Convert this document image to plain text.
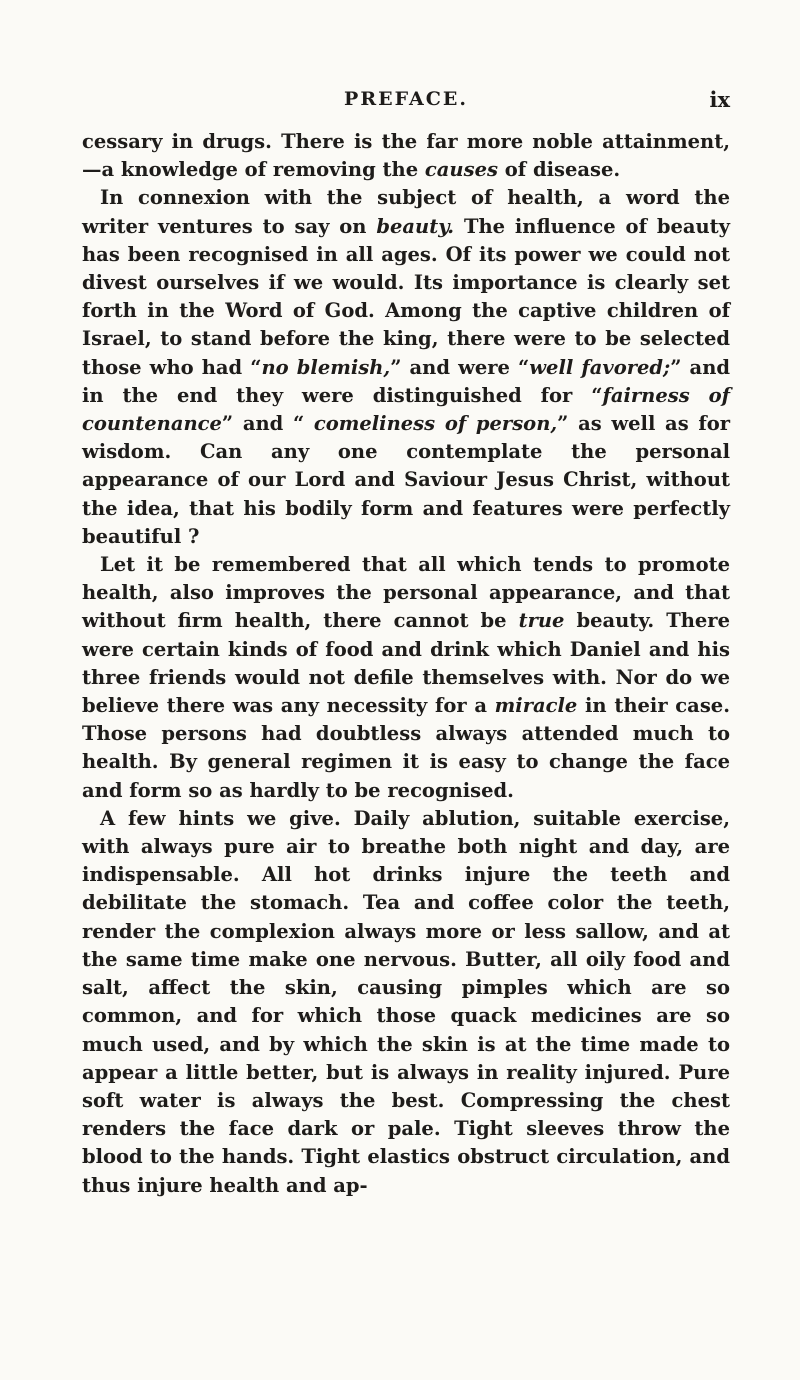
PREFACE.	ix

cessary in drugs. There is the far more noble attainment, —a knowledge of removing the causes of disease.

In connexion with the subject of health, a word the writer ventures to say on beauty. The influence of beauty has been recognised in all ages. Of its power we could not divest ourselves if we would. Its importance is clearly set forth in the Word of God. Among the captive children of Israel, to stand before the king, there were to be selected those who had “no blemish,” and were “well favored;” and in the end they were distinguished for “fairness of countenance” and “ comeliness of person,” as well as for wisdom. Can any one contemplate the personal appearance of our Lord and Saviour Jesus Christ, without the idea, that his bodily form and features were perfectly beautiful ?

Let it be remembered that all which tends to promote health, also improves the personal appearance, and that without firm health, there cannot be true beauty. There were certain kinds of food and drink which Daniel and his three friends would not defile themselves with. Nor do we believe there was any necessity for a miracle in their case. Those persons had doubtless always attended much to health. By general regimen it is easy to change the face and form so as hardly to be recognised.

A few hints we give. Daily ablution, suitable exercise, with always pure air to breathe both night and day, are indispensable. All hot drinks injure the teeth and debilitate the stomach. Tea and coffee color the teeth, render the complexion always more or less sallow, and at the same time make one nervous. Butter, all oily food and salt, affect the skin, causing pimples which are so common, and for which those quack medicines are so much used, and by which the skin is at the time made to appear a little better, but is always in reality injured. Pure soft water is always the best. Compressing the chest renders the face dark or pale. Tight sleeves throw the blood to the hands. Tight elastics obstruct circulation, and thus injure health and ap-
